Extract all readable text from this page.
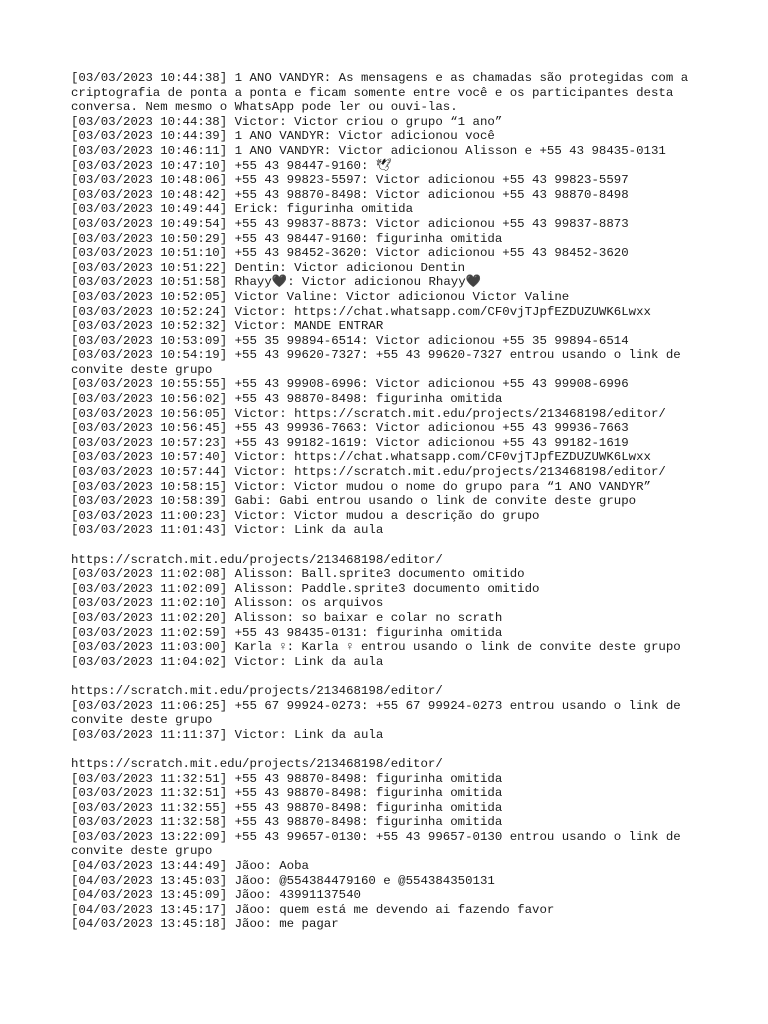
[03/03/2023 10:44:38] 1 ANO VANDYR: As mensagens e as chamadas são protegidas com a
criptografia de ponta a ponta e ficam somente entre você e os participantes desta
conversa. Nem mesmo o WhatsApp pode ler ou ouvi-las.
[03/03/2023 10:44:38] Victor: Victor criou o grupo “1 ano”
[03/03/2023 10:44:39] 1 ANO VANDYR: Victor adicionou você
[03/03/2023 10:46:11] 1 ANO VANDYR: Victor adicionou Alisson e +55 43 98435-0131
[03/03/2023 10:47:10] +55 43 98447-9160: 🕊
[03/03/2023 10:48:06] +55 43 99823-5597: Victor adicionou +55 43 99823-5597
[03/03/2023 10:48:42] +55 43 98870-8498: Victor adicionou +55 43 98870-8498
[03/03/2023 10:49:44] Erick: figurinha omitida
[03/03/2023 10:49:54] +55 43 99837-8873: Victor adicionou +55 43 99837-8873
[03/03/2023 10:50:29] +55 43 98447-9160: figurinha omitida
[03/03/2023 10:51:10] +55 43 98452-3620: Victor adicionou +55 43 98452-3620
[03/03/2023 10:51:22] Dentin: Victor adicionou Dentin
[03/03/2023 10:51:58] Rhayy🖤: Victor adicionou Rhayy🖤
[03/03/2023 10:52:05] Victor Valine: Victor adicionou Victor Valine
[03/03/2023 10:52:24] Victor: https://chat.whatsapp.com/CF0vjTJpfEZDUZUWK6Lwxx
[03/03/2023 10:52:32] Victor: MANDE ENTRAR
[03/03/2023 10:53:09] +55 35 99894-6514: Victor adicionou +55 35 99894-6514
[03/03/2023 10:54:19] +55 43 99620-7327: +55 43 99620-7327 entrou usando o link de
convite deste grupo
[03/03/2023 10:55:55] +55 43 99908-6996: Victor adicionou +55 43 99908-6996
[03/03/2023 10:56:02] +55 43 98870-8498: figurinha omitida
[03/03/2023 10:56:05] Victor: https://scratch.mit.edu/projects/213468198/editor/
[03/03/2023 10:56:45] +55 43 99936-7663: Victor adicionou +55 43 99936-7663
[03/03/2023 10:57:23] +55 43 99182-1619: Victor adicionou +55 43 99182-1619
[03/03/2023 10:57:40] Victor: https://chat.whatsapp.com/CF0vjTJpfEZDUZUWK6Lwxx
[03/03/2023 10:57:44] Victor: https://scratch.mit.edu/projects/213468198/editor/
[03/03/2023 10:58:15] Victor: Victor mudou o nome do grupo para “1 ANO VANDYR”
[03/03/2023 10:58:39] Gabi: Gabi entrou usando o link de convite deste grupo
[03/03/2023 11:00:23] Victor: Victor mudou a descrição do grupo
[03/03/2023 11:01:43] Victor: Link da aula
https://scratch.mit.edu/projects/213468198/editor/
[03/03/2023 11:02:08] Alisson: Ball.sprite3 documento omitido
[03/03/2023 11:02:09] Alisson: Paddle.sprite3 documento omitido
[03/03/2023 11:02:10] Alisson: os arquivos
[03/03/2023 11:02:20] Alisson: so baixar e colar no scrath
[03/03/2023 11:02:59] +55 43 98435-0131: figurinha omitida
[03/03/2023 11:03:00] Karla ♀: Karla ♀ entrou usando o link de convite deste grupo
[03/03/2023 11:04:02] Victor: Link da aula
https://scratch.mit.edu/projects/213468198/editor/
[03/03/2023 11:06:25] +55 67 99924-0273: +55 67 99924-0273 entrou usando o link de
convite deste grupo
[03/03/2023 11:11:37] Victor: Link da aula
https://scratch.mit.edu/projects/213468198/editor/
[03/03/2023 11:32:51] +55 43 98870-8498: figurinha omitida
[03/03/2023 11:32:51] +55 43 98870-8498: figurinha omitida
[03/03/2023 11:32:55] +55 43 98870-8498: figurinha omitida
[03/03/2023 11:32:58] +55 43 98870-8498: figurinha omitida
[03/03/2023 13:22:09] +55 43 99657-0130: +55 43 99657-0130 entrou usando o link de
convite deste grupo
[04/03/2023 13:44:49] Jãoo: Aoba
[04/03/2023 13:45:03] Jãoo: @554384479160 e @554384350131
[04/03/2023 13:45:09] Jãoo: 43991137540
[04/03/2023 13:45:17] Jãoo: quem está me devendo ai fazendo favor
[04/03/2023 13:45:18] Jãoo: me pagar
